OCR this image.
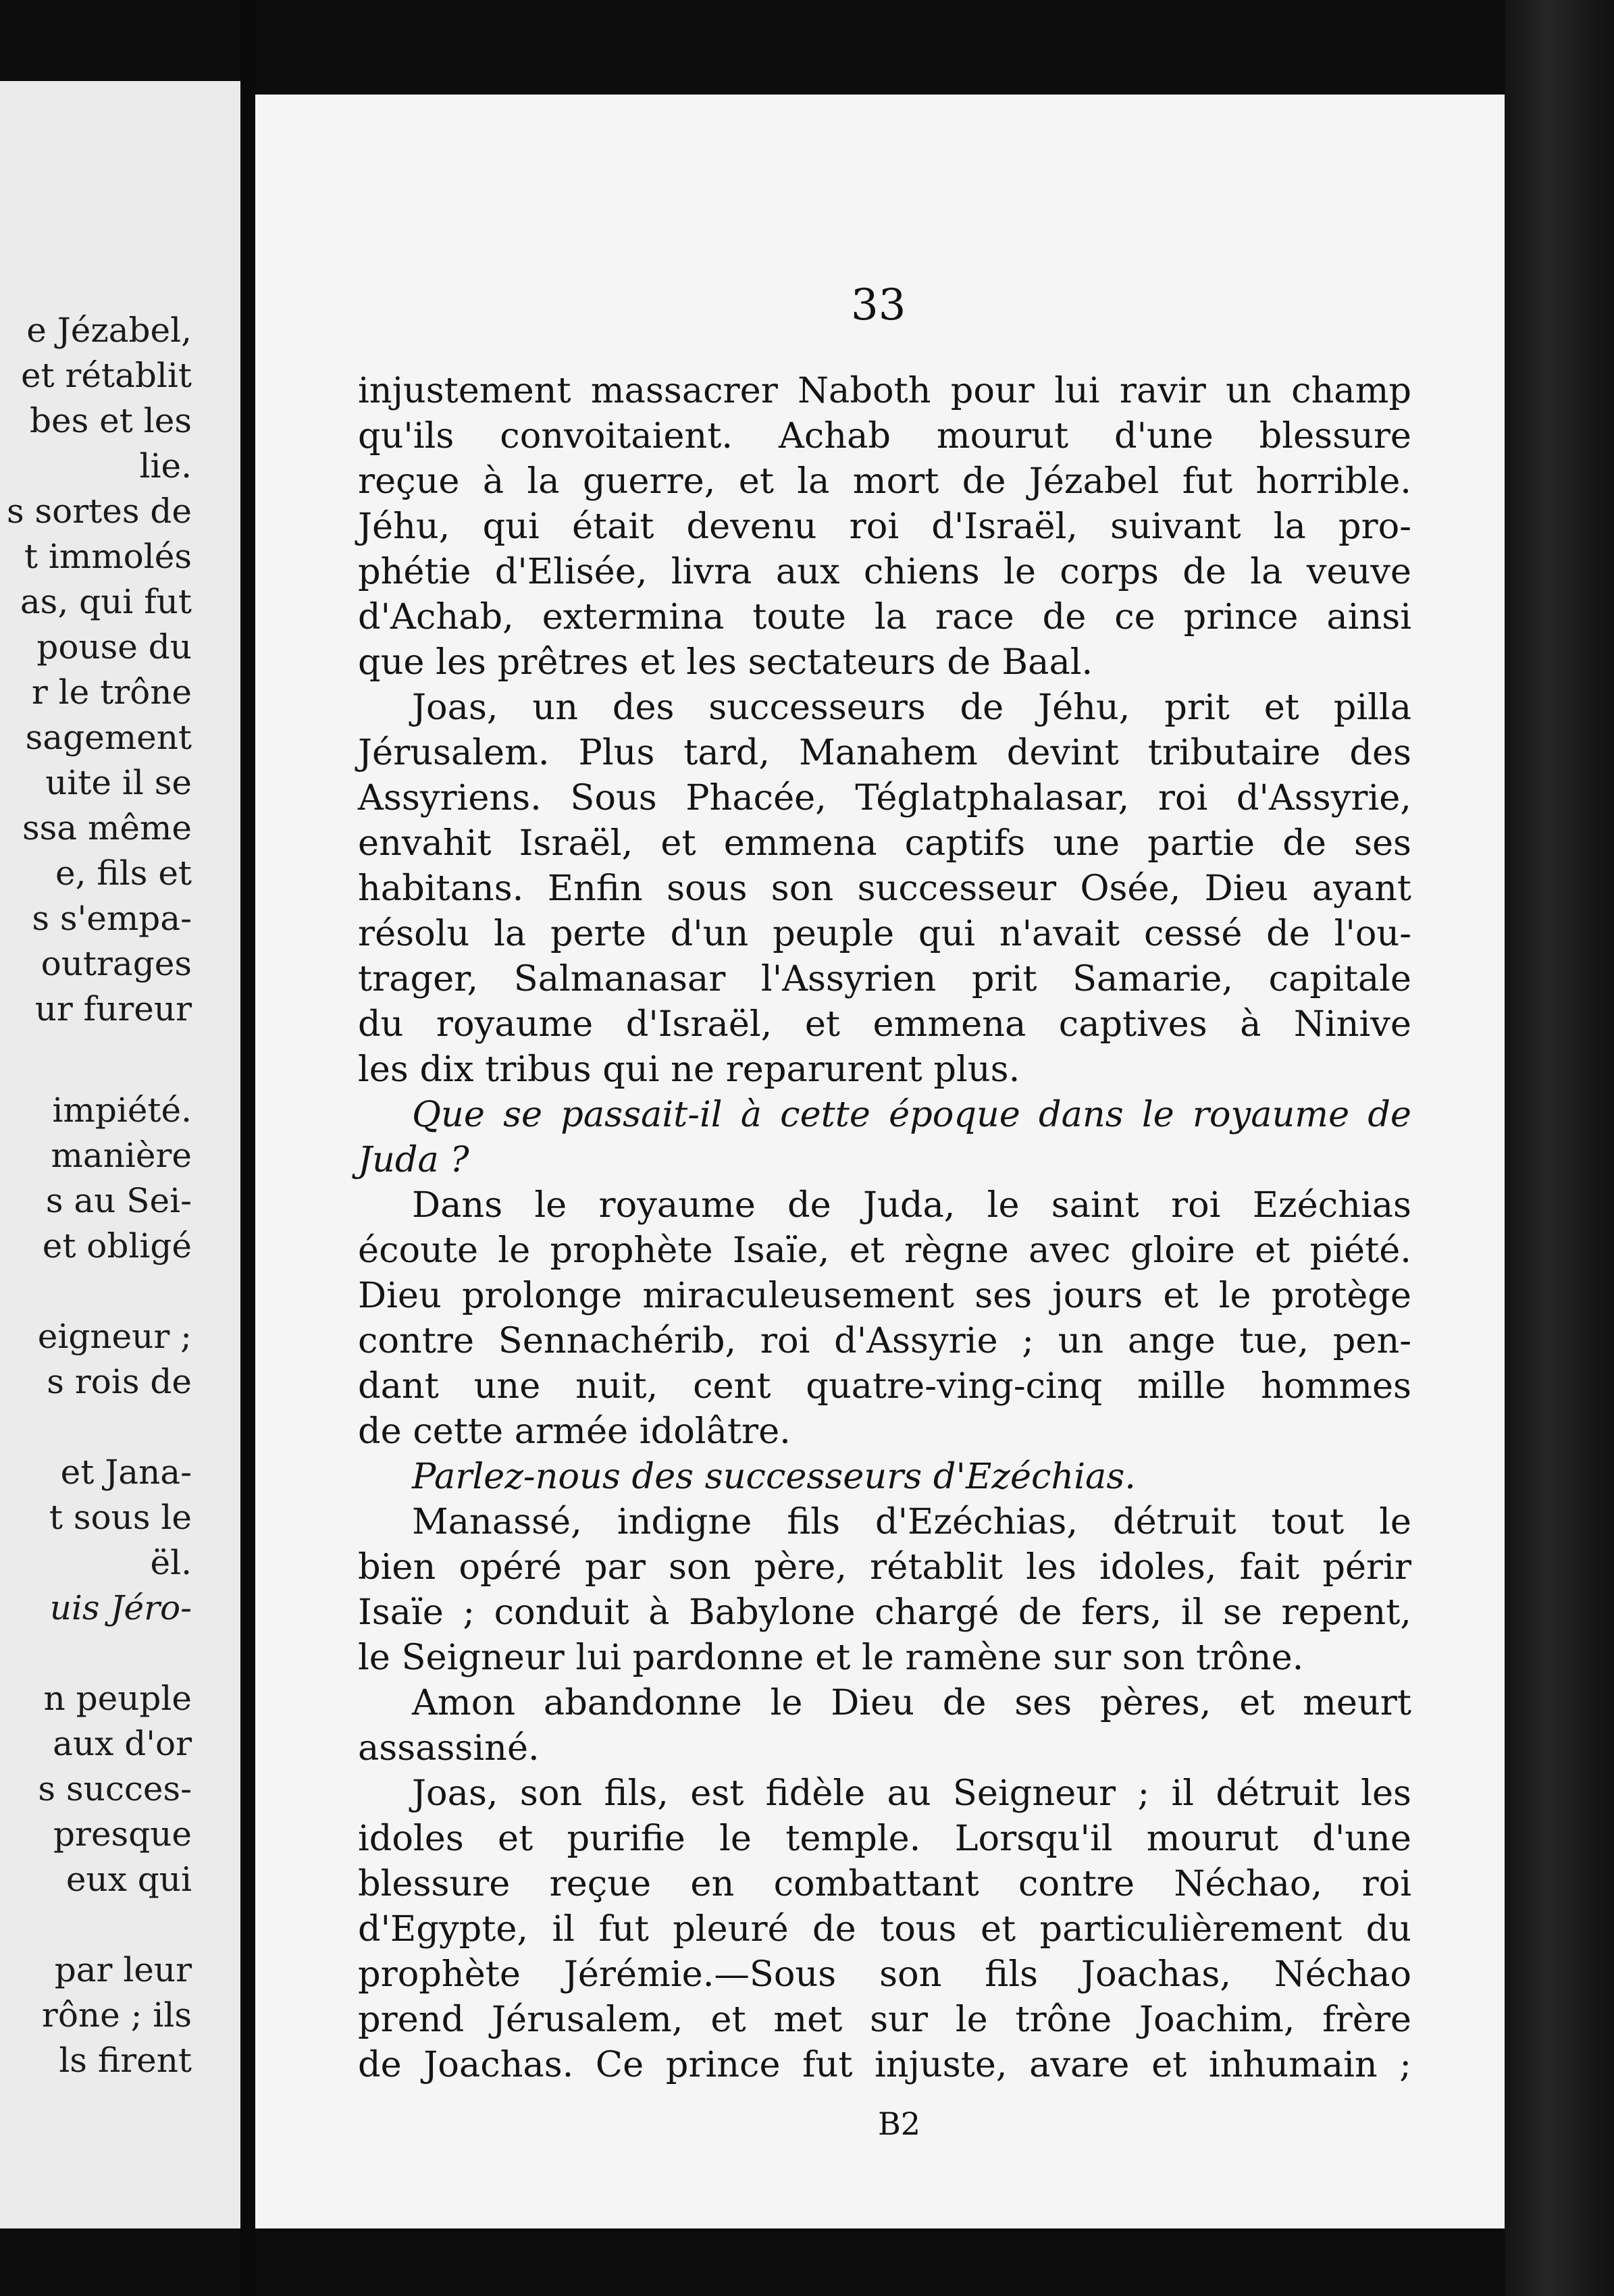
e Jézabel,
et rétablit
bes et les
lie.
s sortes de
t immolés
as, qui fut
pouse du
r le trône
sagement
uite il se
ssa même
e, fils et
s s'empa-
outrages
ur fureur
impiété.
manière
s au Sei-
et obligé
eigneur ;
s rois de
et Jana-
t sous le
ël.
uis Jéro-
n peuple
aux d'or
s succes-
presque
eux qui
par leur
rône ; ils
ls firent
33
injustement massacrer Naboth pour lui ravir un champ
qu'ils convoitaient. Achab mourut d'une blessure
reçue à la guerre, et la mort de Jézabel fut horrible.
Jéhu, qui était devenu roi d'Israël, suivant la pro-
phétie d'Elisée, livra aux chiens le corps de la veuve
d'Achab, extermina toute la race de ce prince ainsi
que les prêtres et les sectateurs de Baal.
Joas, un des successeurs de Jéhu, prit et pilla
Jérusalem. Plus tard, Manahem devint tributaire des
Assyriens. Sous Phacée, Téglatphalasar, roi d'Assyrie,
envahit Israël, et emmena captifs une partie de ses
habitans. Enfin sous son successeur Osée, Dieu ayant
résolu la perte d'un peuple qui n'avait cessé de l'ou-
trager, Salmanasar l'Assyrien prit Samarie, capitale
du royaume d'Israël, et emmena captives à Ninive
les dix tribus qui ne reparurent plus.
Que se passait-il à cette époque dans le royaume de
Juda ?
Dans le royaume de Juda, le saint roi Ezéchias
écoute le prophète Isaïe, et règne avec gloire et piété.
Dieu prolonge miraculeusement ses jours et le protège
contre Sennachérib, roi d'Assyrie ; un ange tue, pen-
dant une nuit, cent quatre-ving-cinq mille hommes
de cette armée idolâtre.
Parlez-nous des successeurs d'Ezéchias.
Manassé, indigne fils d'Ezéchias, détruit tout le
bien opéré par son père, rétablit les idoles, fait périr
Isaïe ; conduit à Babylone chargé de fers, il se repent,
le Seigneur lui pardonne et le ramène sur son trône.
Amon abandonne le Dieu de ses pères, et meurt
assassiné.
Joas, son fils, est fidèle au Seigneur ; il détruit les
idoles et purifie le temple. Lorsqu'il mourut d'une
blessure reçue en combattant contre Néchao, roi
d'Egypte, il fut pleuré de tous et particulièrement du
prophète Jérémie.—Sous son fils Joachas, Néchao
prend Jérusalem, et met sur le trône Joachim, frère
de Joachas. Ce prince fut injuste, avare et inhumain ;
B2
